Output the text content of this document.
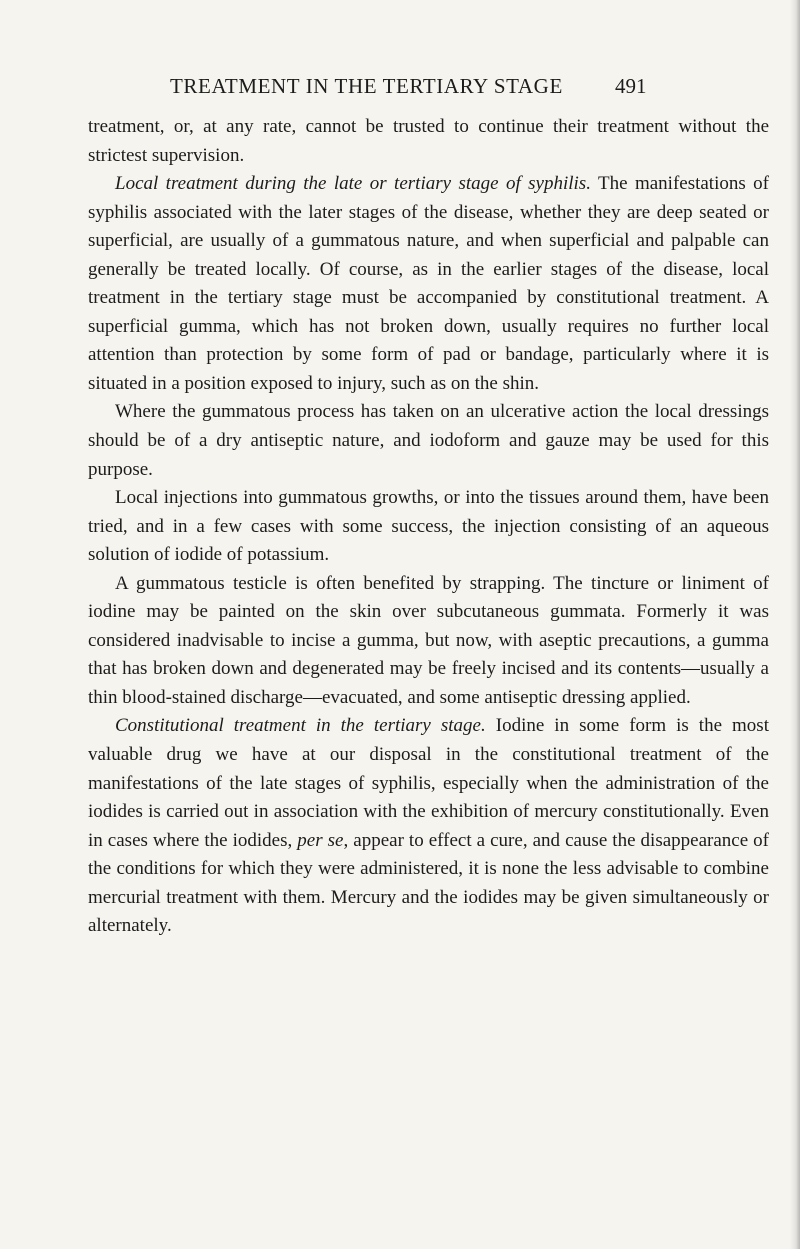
TREATMENT IN THE TERTIARY STAGE 491

treatment, or, at any rate, cannot be trusted to continue their treatment without the strictest supervision.

Local treatment during the late or tertiary stage of syphilis. The manifestations of syphilis associated with the later stages of the disease, whether they are deep seated or superficial, are usually of a gummatous nature, and when superficial and palpable can generally be treated locally. Of course, as in the earlier stages of the disease, local treatment in the tertiary stage must be accompanied by constitutional treatment. A superficial gumma, which has not broken down, usually requires no further local attention than protection by some form of pad or bandage, particularly where it is situated in a position exposed to injury, such as on the shin.

Where the gummatous process has taken on an ulcerative action the local dressings should be of a dry antiseptic nature, and iodoform and gauze may be used for this purpose.

Local injections into gummatous growths, or into the tissues around them, have been tried, and in a few cases with some success, the injection consisting of an aqueous solution of iodide of potassium.

A gummatous testicle is often benefited by strapping. The tincture or liniment of iodine may be painted on the skin over subcutaneous gummata. Formerly it was considered inadvisable to incise a gumma, but now, with aseptic precautions, a gumma that has broken down and degenerated may be freely incised and its contents—usually a thin blood-stained discharge—evacuated, and some antiseptic dressing applied.

Constitutional treatment in the tertiary stage. Iodine in some form is the most valuable drug we have at our disposal in the constitutional treatment of the manifestations of the late stages of syphilis, especially when the administration of the iodides is carried out in association with the exhibition of mercury constitutionally. Even in cases where the iodides, per se, appear to effect a cure, and cause the disappearance of the conditions for which they were administered, it is none the less advisable to combine mercurial treatment with them. Mercury and the iodides may be given simultaneously or alternately.
